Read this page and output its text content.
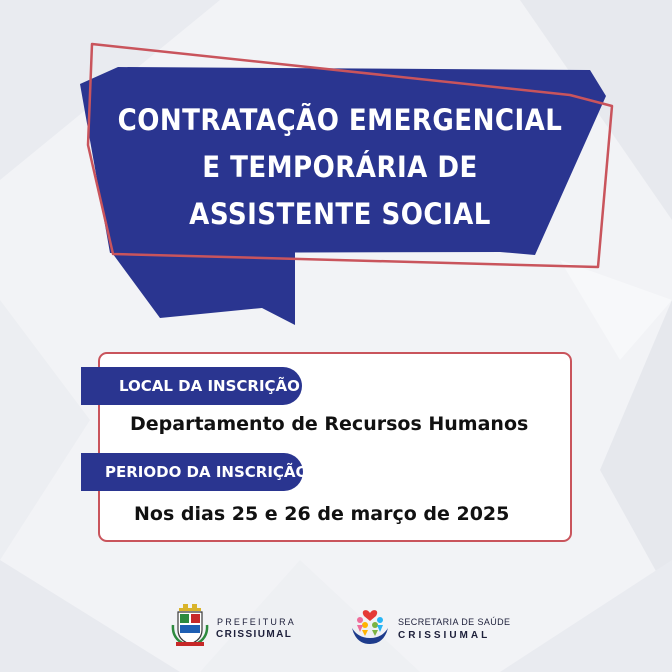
CONTRATAÇÃO EMERGENCIAL
E TEMPORÁRIA DE
ASSISTENTE SOCIAL
LOCAL DA INSCRIÇÃO
Departamento de Recursos Humanos
PERIODO DA INSCRIÇÃO
Nos dias 25 e 26 de março de 2025
PREFEITURA
CRISSIUMAL
SECRETARIA DE SAÚDE
CRISSIUMAL
